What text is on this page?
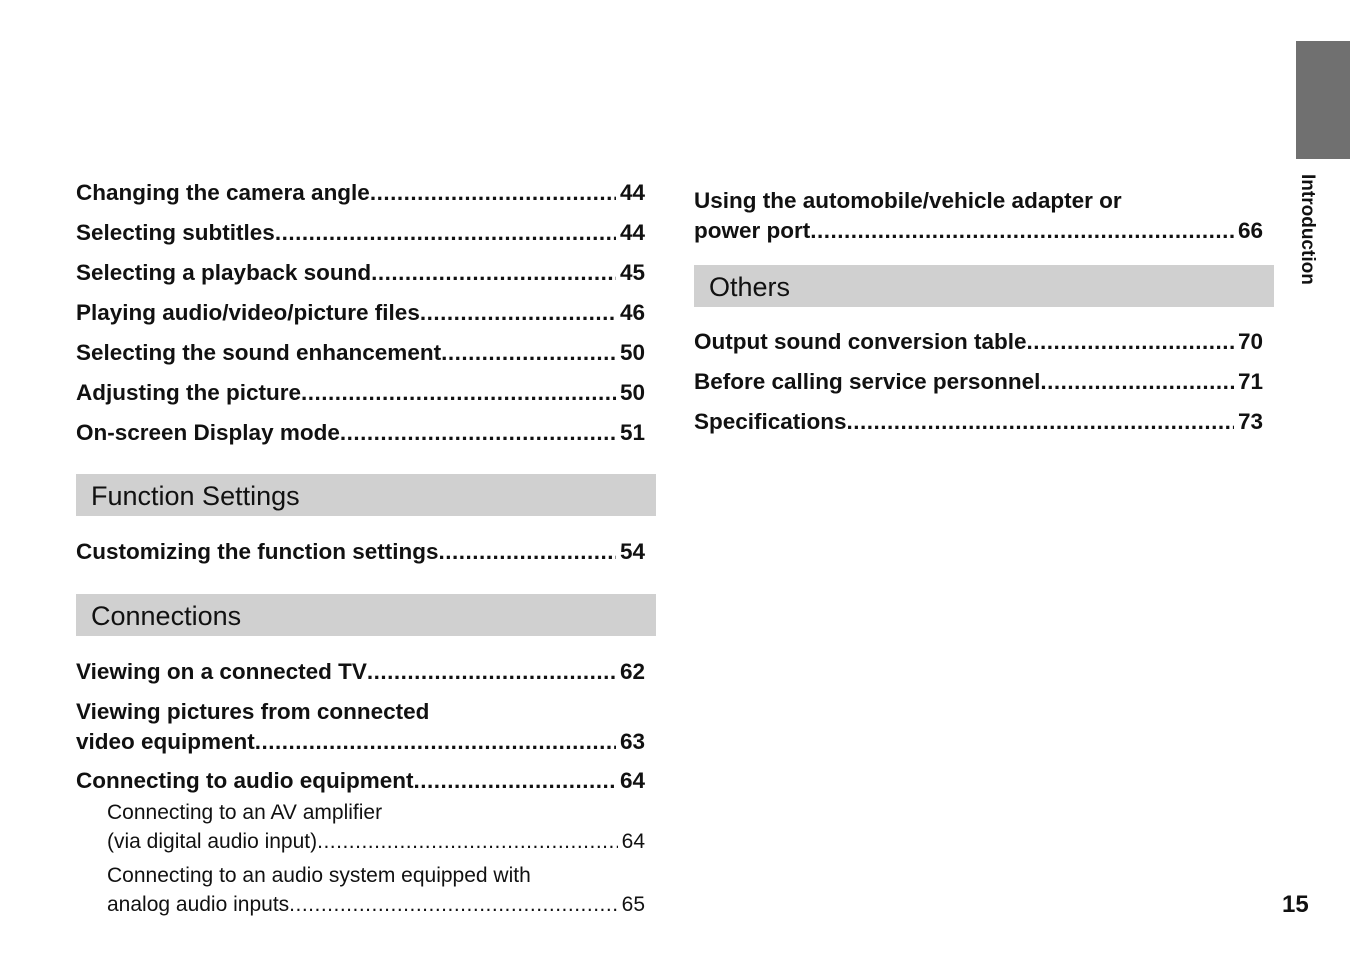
Introduction
Changing the camera angle .....	44
Selecting subtitles .....	44
Selecting a playback sound .....	45
Playing audio/video/picture files .....	46
Selecting the sound enhancement .....	50
Adjusting the picture .....	50
On-screen Display mode .....	51
Function Settings
Customizing the function settings .....	54
Connections
Viewing on a connected TV .....	62
Viewing pictures from connected
video equipment .....	63
Connecting to audio equipment .....	64
Connecting to an AV amplifier
(via digital audio input) .....	64
Connecting to an audio system equipped with
analog audio inputs .....	65
Using the automobile/vehicle adapter or
power port .....	66
Others
Output sound conversion table .....	70
Before calling service personnel .....	71
Specifications .....	73
15
